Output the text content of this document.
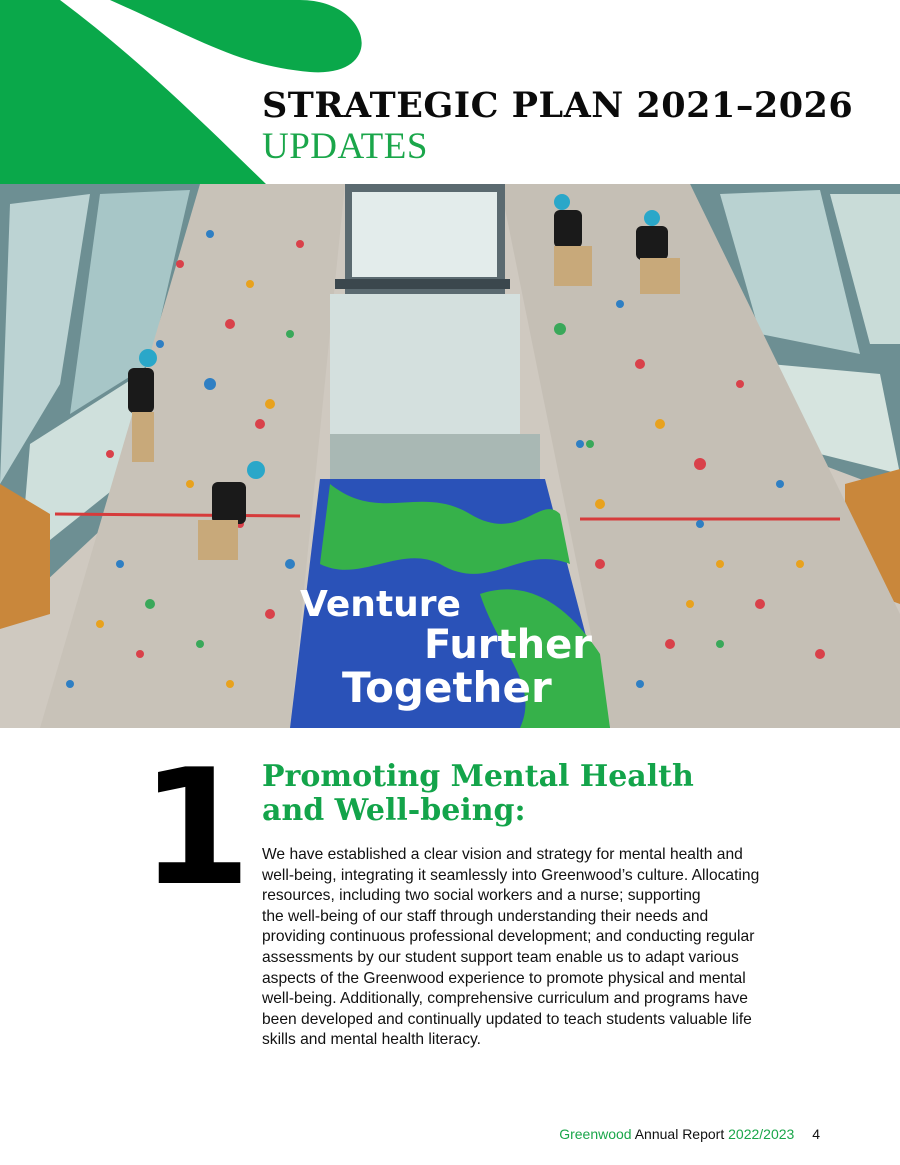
STRATEGIC PLAN 2021–2026

UPDATES

Venture
Further
Together
1 Promoting Mental Health
and Well-being:

We have established a clear vision and strategy for mental health and
well-being, integrating it seamlessly into Greenwood’s culture. Allocating
resources, including two social workers and a nurse; supporting
the well-being of our staff through understanding their needs and
providing continuous professional development; and conducting regular
assessments by our student support team enable us to adapt various
aspects of the Greenwood experience to promote physical and mental
well-being. Additionally, comprehensive curriculum and programs have
been developed and continually updated to teach students valuable life
skills and mental health literacy.

Greenwood Annual Report 2022/2023 4
